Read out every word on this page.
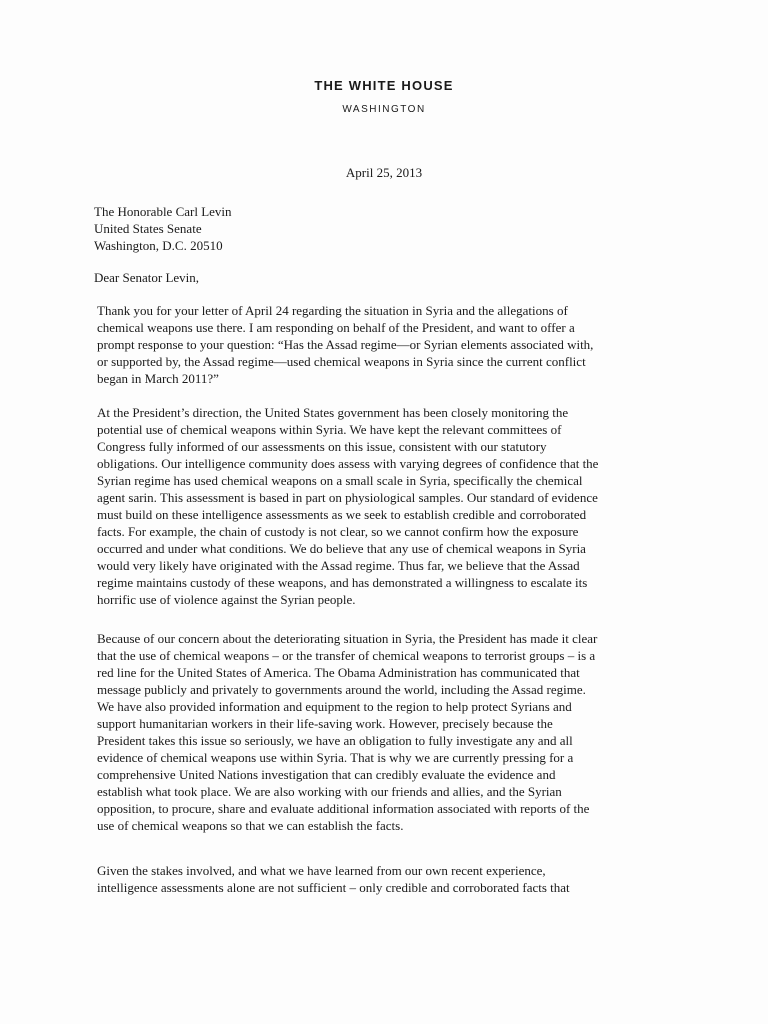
THE WHITE HOUSE
WASHINGTON
April 25, 2013
The Honorable Carl Levin
United States Senate
Washington, D.C. 20510
Dear Senator Levin,
Thank you for your letter of April 24 regarding the situation in Syria and the allegations of
chemical weapons use there. I am responding on behalf of the President, and want to offer a
prompt response to your question: “Has the Assad regime—or Syrian elements associated with,
or supported by, the Assad regime—used chemical weapons in Syria since the current conflict
began in March 2011?”
At the President’s direction, the United States government has been closely monitoring the
potential use of chemical weapons within Syria. We have kept the relevant committees of
Congress fully informed of our assessments on this issue, consistent with our statutory
obligations. Our intelligence community does assess with varying degrees of confidence that the
Syrian regime has used chemical weapons on a small scale in Syria, specifically the chemical
agent sarin. This assessment is based in part on physiological samples. Our standard of evidence
must build on these intelligence assessments as we seek to establish credible and corroborated
facts. For example, the chain of custody is not clear, so we cannot confirm how the exposure
occurred and under what conditions. We do believe that any use of chemical weapons in Syria
would very likely have originated with the Assad regime. Thus far, we believe that the Assad
regime maintains custody of these weapons, and has demonstrated a willingness to escalate its
horrific use of violence against the Syrian people.
Because of our concern about the deteriorating situation in Syria, the President has made it clear
that the use of chemical weapons – or the transfer of chemical weapons to terrorist groups – is a
red line for the United States of America. The Obama Administration has communicated that
message publicly and privately to governments around the world, including the Assad regime.
We have also provided information and equipment to the region to help protect Syrians and
support humanitarian workers in their life-saving work. However, precisely because the
President takes this issue so seriously, we have an obligation to fully investigate any and all
evidence of chemical weapons use within Syria. That is why we are currently pressing for a
comprehensive United Nations investigation that can credibly evaluate the evidence and
establish what took place. We are also working with our friends and allies, and the Syrian
opposition, to procure, share and evaluate additional information associated with reports of the
use of chemical weapons so that we can establish the facts.
Given the stakes involved, and what we have learned from our own recent experience,
intelligence assessments alone are not sufficient – only credible and corroborated facts that
